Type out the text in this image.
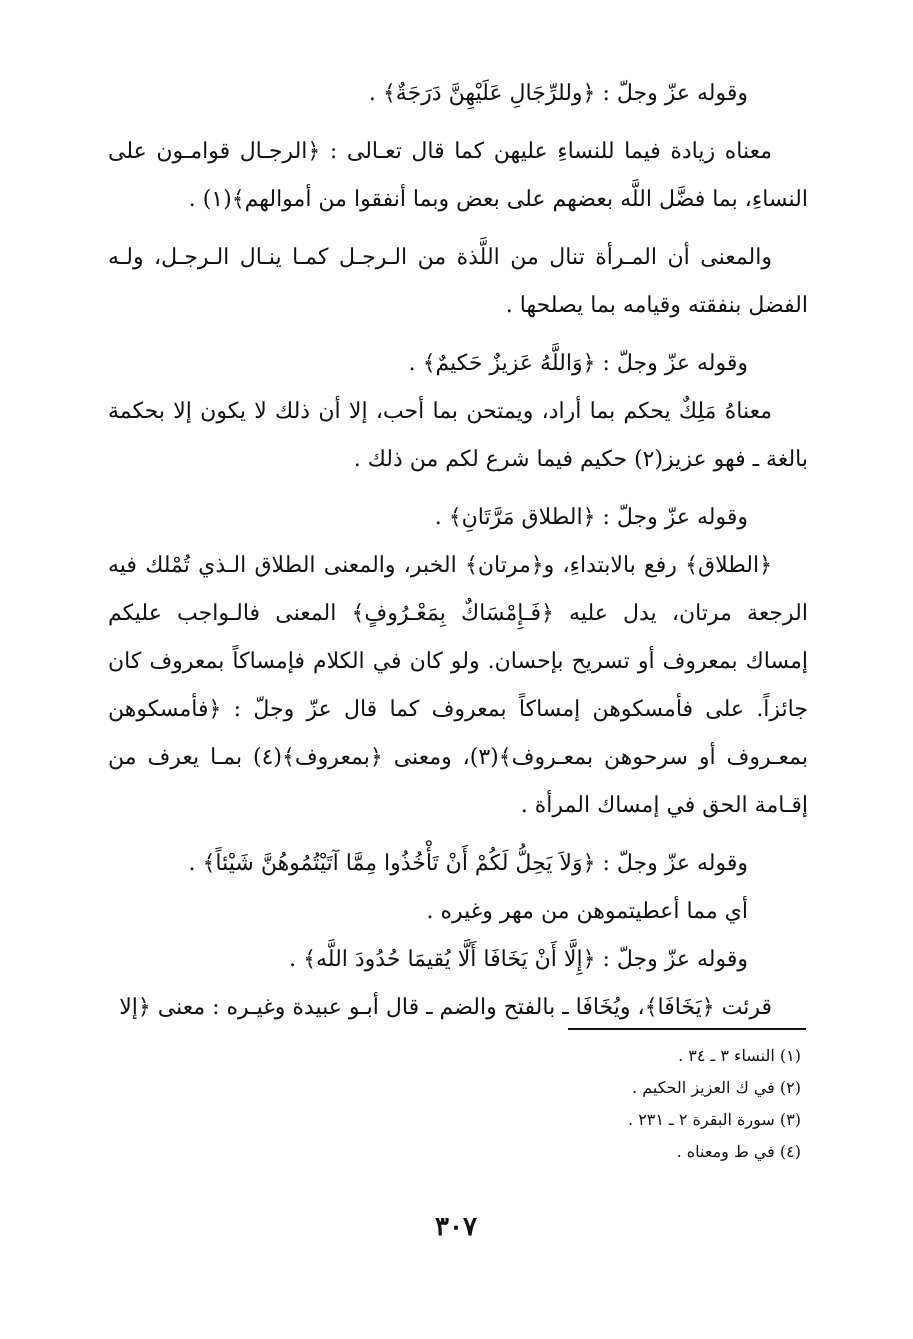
وقوله عزّ وجلّ : ﴿وللرِّجَالِ عَلَيْهِنَّ دَرَجَةٌ﴾ .

معناه زيادة فيما للنساءِ عليهن كما قال تعـالى : ﴿الرجـال قوامـون على النساءِ، بما فضَّل اللَّه بعضهم على بعض وبما أنفقوا من أموالهم﴾(١) .

والمعنى أن المـرأة تنال من اللَّذة من الـرجـل كمـا ينـال الـرجـل، ولـه الفضل بنفقته وقيامه بما يصلحها .

وقوله عزّ وجلّ : ﴿وَاللَّهُ عَزيزٌ حَكيمٌ﴾ .

معناهُ مَلِكٌ يحكم بما أراد، ويمتحن بما أحب، إلا أن ذلك لا يكون إلا بحكمة بالغة ـ فهو عزيز(٢) حكيم فيما شرع لكم من ذلك .

وقوله عزّ وجلّ : ﴿الطلاق مَرَّتَانِ﴾ .

﴿الطلاق﴾ رفع بالابتداءِ، و﴿مرتان﴾ الخبر، والمعنى الطلاق الـذي تُمْلك فيه الرجعة مرتان، يدل عليه ﴿فَـإِمْسَاكٌ بِمَعْـرُوفٍ﴾ المعنى فالـواجب عليكم إمساك بمعروف أو تسريح بإحسان. ولو كان في الكلام فإمساكاً بمعروف كان جائزاً. على فأمسكوهن إمساكاً بمعروف كما قال عزّ وجلّ : ﴿فأمسكوهن بمعـروف أو سرحوهن بمعـروف﴾(٣)، ومعنى ﴿بمعروف﴾(٤) بمـا يعرف من إقـامة الحق في إمساك المرأة .

وقوله عزّ وجلّ : ﴿وَلاَ يَحِلُّ لَكُمْ أَنْ تَأْخُذُوا مِمَّا آتَيْتُمُوهُنَّ شَيْئاً﴾ .

أي مما أعطيتموهن من مهر وغيره .

وقوله عزّ وجلّ : ﴿إِلَّا أَنْ يَخَافَا أَلَّا يُقيمَا حُدُودَ اللَّه﴾ .

قرئت ﴿يَخَافَا﴾، ويُخَافَا ـ بالفتح والضم ـ قال أبـو عبيدة وغيـره : معنى ﴿إلا

(١) النساء ٣ ـ ٣٤ .

(٢) في ك العزيز الحكيم .

(٣) سورة البقرة ٢ ـ ٢٣١ .

(٤) في ط ومعناه .

٣٠٧
